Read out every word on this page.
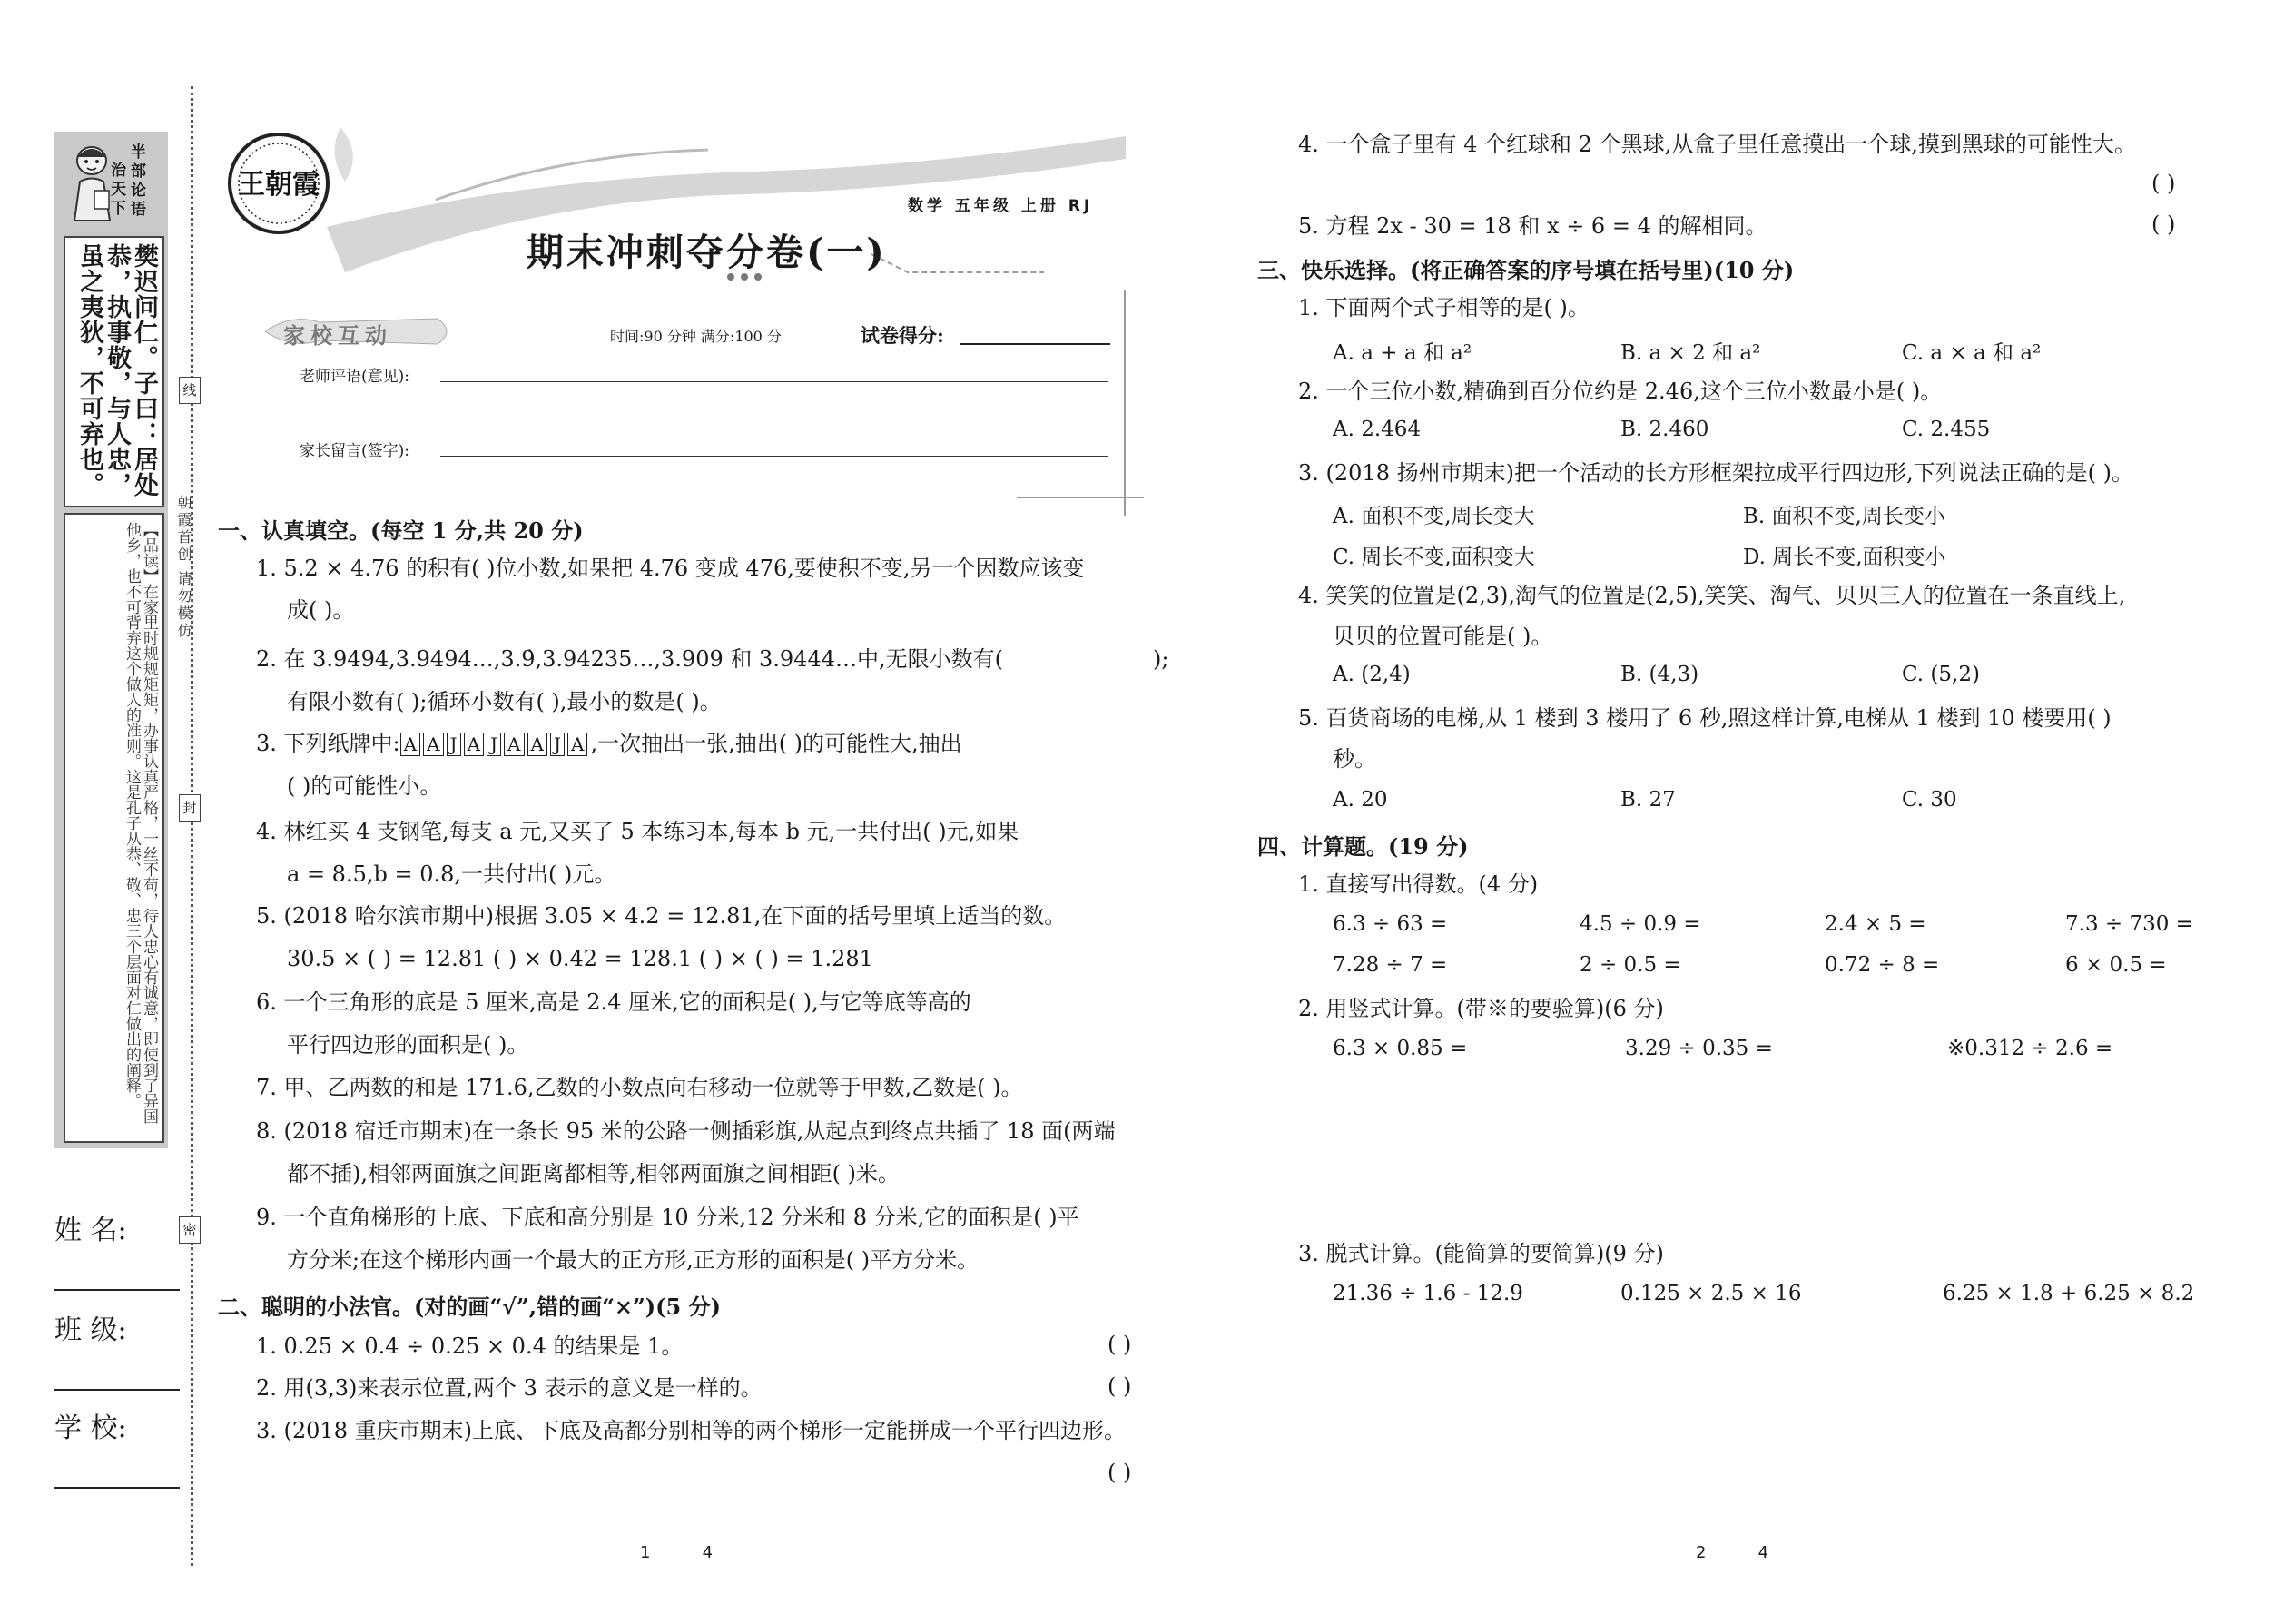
半部论语
治天下
樊迟问仁。子曰：居处恭，执事敬，与人忠，虽之夷狄，不可弃也。
【品读】在家里时规规矩矩，办事认真严格，一丝不苟，待人忠心有诚意，即使到了异国他乡，也不可背弃这个做人的准则。这是孔子从恭、敬、忠三个层面对仁做出的阐释。
姓 名:
班 级:
学 校:
线
封
密
朝霞首创 请勿模仿
王朝霞
数学 五年级 上册 RJ
期末冲刺夺分卷(一)
家校互动	时间:90 分钟 满分:100 分	试卷得分:
老师评语(意见):
家长留言(签字):
一、认真填空。(每空 1 分,共 20 分)
1. 5.2 × 4.76 的积有( )位小数,如果把 4.76 变成 476,要使积不变,另一个因数应该变
成( )。
2. 在 3.9494,3.9494…,3.9̇,3.94235…,3.909 和 3.9444…中,无限小数有(	);
有限小数有( );循环小数有( ),最小的数是( )。
3. 下列纸牌中: A A J A J A A J A ,一次抽出一张,抽出( )的可能性大,抽出
( )的可能性小。
4. 林红买 4 支钢笔,每支 a 元,又买了 5 本练习本,每本 b 元,一共付出( )元,如果
a = 8.5,b = 0.8,一共付出( )元。
5. (2018 哈尔滨市期中)根据 3.05 × 4.2 = 12.81,在下面的括号里填上适当的数。
30.5 × ( ) = 12.81 ( ) × 0.42 = 128.1 ( ) × ( ) = 1.281
6. 一个三角形的底是 5 厘米,高是 2.4 厘米,它的面积是( ),与它等底等高的
平行四边形的面积是( )。
7. 甲、乙两数的和是 171.6,乙数的小数点向右移动一位就等于甲数,乙数是( )。
8. (2018 宿迁市期末)在一条长 95 米的公路一侧插彩旗,从起点到终点共插了 18 面(两端
都不插),相邻两面旗之间距离都相等,相邻两面旗之间相距( )米。
9. 一个直角梯形的上底、下底和高分别是 10 分米,12 分米和 8 分米,它的面积是( )平
方分米;在这个梯形内画一个最大的正方形,正方形的面积是( )平方分米。
二、聪明的小法官。(对的画“√”,错的画“×”)(5 分)
1. 0.25 × 0.4 ÷ 0.25 × 0.4 的结果是 1。	( )
2. 用(3,3)来表示位置,两个 3 表示的意义是一样的。	( )
3. (2018 重庆市期末)上底、下底及高都分别相等的两个梯形一定能拼成一个平行四边形。
( )
1          4
4. 一个盒子里有 4 个红球和 2 个黑球,从盒子里任意摸出一个球,摸到黑球的可能性大。
( )
5. 方程 2x - 30 = 18 和 x ÷ 6 = 4 的解相同。	( )
三、快乐选择。(将正确答案的序号填在括号里)(10 分)
1. 下面两个式子相等的是( )。
A. a + a 和 a²	B. a × 2 和 a²	C. a × a 和 a²
2. 一个三位小数,精确到百分位约是 2.46,这个三位小数最小是( )。
A. 2.464	B. 2.460	C. 2.455
3. (2018 扬州市期末)把一个活动的长方形框架拉成平行四边形,下列说法正确的是( )。
A. 面积不变,周长变大	B. 面积不变,周长变小
C. 周长不变,面积变大	D. 周长不变,面积变小
4. 笑笑的位置是(2,3),淘气的位置是(2,5),笑笑、淘气、贝贝三人的位置在一条直线上,
贝贝的位置可能是( )。
A. (2,4)	B. (4,3)	C. (5,2)
5. 百货商场的电梯,从 1 楼到 3 楼用了 6 秒,照这样计算,电梯从 1 楼到 10 楼要用( )
秒。
A. 20	B. 27	C. 30
四、计算题。(19 分)
1. 直接写出得数。(4 分)
6.3 ÷ 63 =	4.5 ÷ 0.9 =	2.4 × 5 =	7.3 ÷ 730 =
7.28 ÷ 7 =	2 ÷ 0.5 =	0.72 ÷ 8 =	6 × 0.5 =
2. 用竖式计算。(带※的要验算)(6 分)
6.3 × 0.85 =	3.29 ÷ 0.35 =	※0.312 ÷ 2.6 =
3. 脱式计算。(能简算的要简算)(9 分)
21.36 ÷ 1.6 - 12.9	0.125 × 2.5 × 16	6.25 × 1.8 + 6.25 × 8.2
2          4
